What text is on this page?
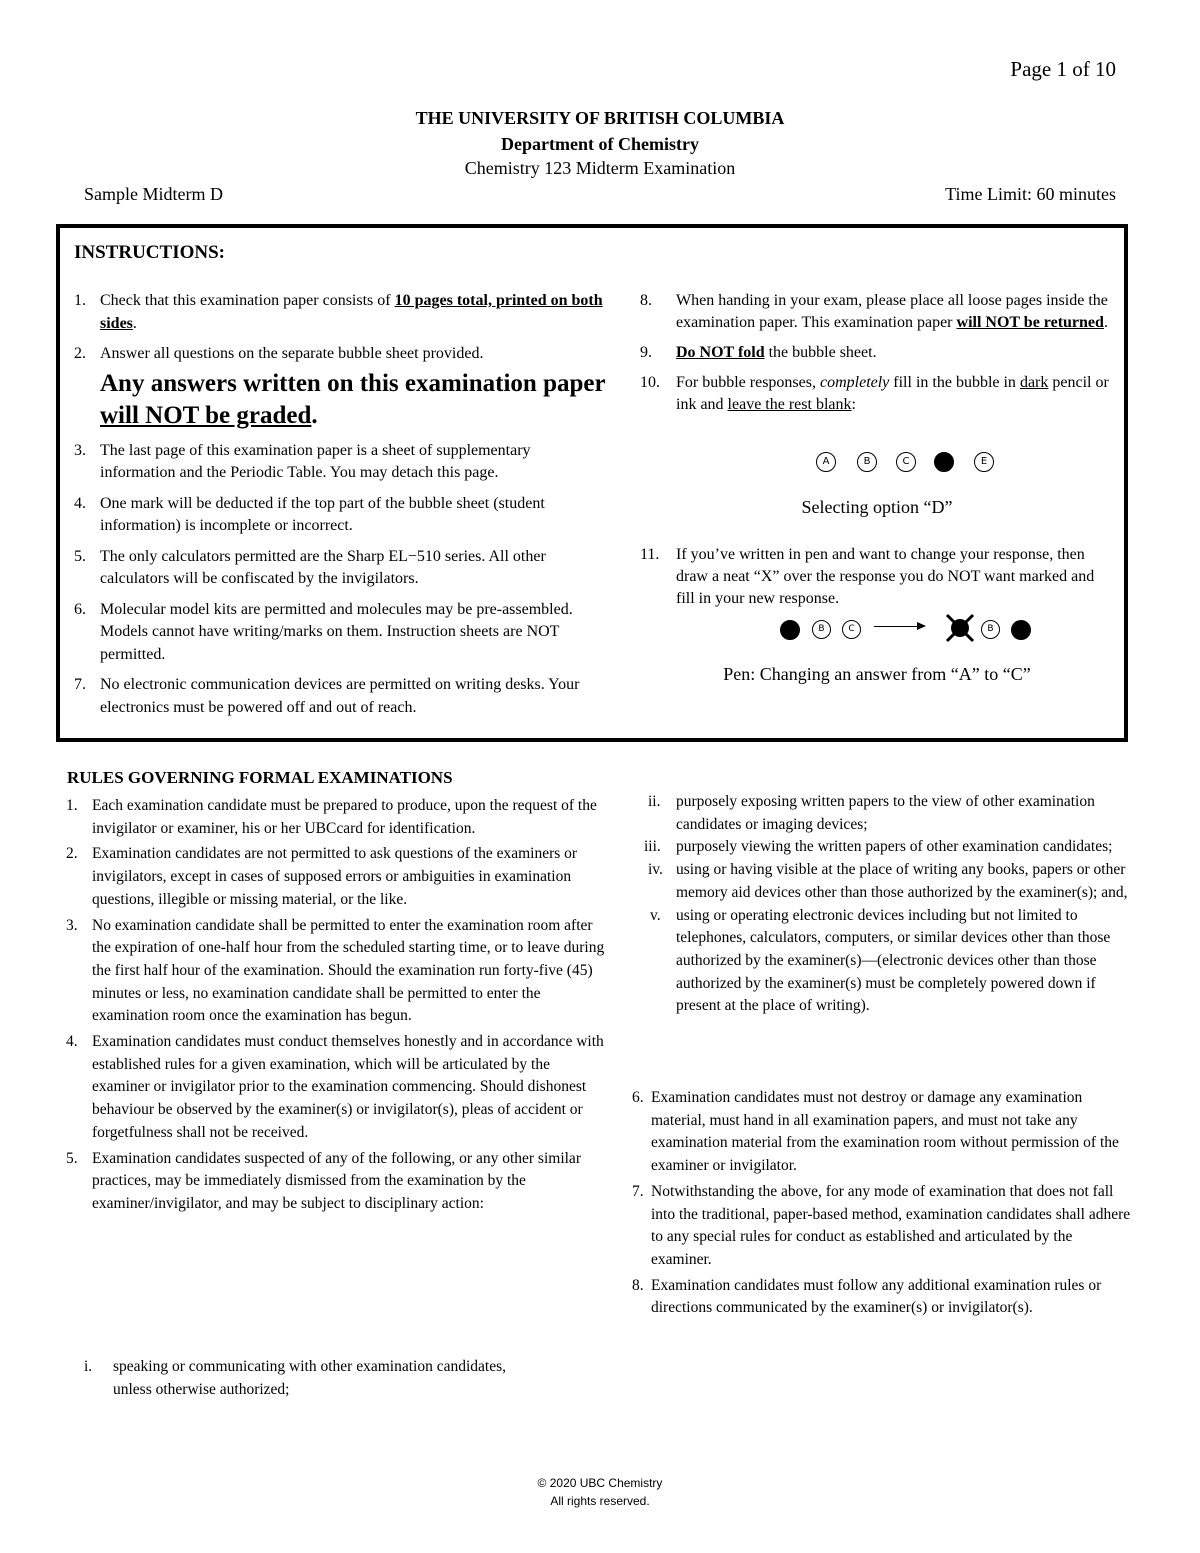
Page 1 of 10
THE UNIVERSITY OF BRITISH COLUMBIA
Department of Chemistry
Chemistry 123 Midterm Examination
Sample Midterm D	Time Limit: 60 minutes
INSTRUCTIONS:
1. Check that this examination paper consists of 10 pages total, printed on both sides.
2. Answer all questions on the separate bubble sheet provided.
Any answers written on this examination paper will NOT be graded.
3. The last page of this examination paper is a sheet of supplementary information and the Periodic Table. You may detach this page.
4. One mark will be deducted if the top part of the bubble sheet (student information) is incomplete or incorrect.
5. The only calculators permitted are the Sharp EL−510 series. All other calculators will be confiscated by the invigilators.
6. Molecular model kits are permitted and molecules may be pre-assembled. Models cannot have writing/marks on them. Instruction sheets are NOT permitted.
7. No electronic communication devices are permitted on writing desks. Your electronics must be powered off and out of reach.
8. When handing in your exam, please place all loose pages inside the examination paper. This examination paper will NOT be returned.
9. Do NOT fold the bubble sheet.
10. For bubble responses, completely fill in the bubble in dark pencil or ink and leave the rest blank:
11. If you’ve written in pen and want to change your response, then draw a neat “X” over the response you do NOT want marked and fill in your new response.
A	B	C	E
Selecting option “D”
B	C	B
Pen: Changing an answer from “A” to “C”
RULES GOVERNING FORMAL EXAMINATIONS
1. Each examination candidate must be prepared to produce, upon the request of the invigilator or examiner, his or her UBCcard for identification.
2. Examination candidates are not permitted to ask questions of the examiners or invigilators, except in cases of supposed errors or ambiguities in examination questions, illegible or missing material, or the like.
3. No examination candidate shall be permitted to enter the examination room after the expiration of one-half hour from the scheduled starting time, or to leave during the first half hour of the examination. Should the examination run forty-five (45) minutes or less, no examination candidate shall be permitted to enter the examination room once the examination has begun.
4. Examination candidates must conduct themselves honestly and in accordance with established rules for a given examination, which will be articulated by the examiner or invigilator prior to the examination commencing. Should dishonest behaviour be observed by the examiner(s) or invigilator(s), pleas of accident or forgetfulness shall not be received.
5. Examination candidates suspected of any of the following, or any other similar practices, may be immediately dismissed from the examination by the examiner/invigilator, and may be subject to disciplinary action:
i.	speaking or communicating with other examination candidates, unless otherwise authorized;
ii. purposely exposing written papers to the view of other examination candidates or imaging devices;
iii. purposely viewing the written papers of other examination candidates;
iv. using or having visible at the place of writing any books, papers or other memory aid devices other than those authorized by the examiner(s); and,
v. using or operating electronic devices including but not limited to telephones, calculators, computers, or similar devices other than those authorized by the examiner(s)—(electronic devices other than those authorized by the examiner(s) must be completely powered down if present at the place of writing).
6. Examination candidates must not destroy or damage any examination material, must hand in all examination papers, and must not take any examination material from the examination room without permission of the examiner or invigilator.
7. Notwithstanding the above, for any mode of examination that does not fall into the traditional, paper-based method, examination candidates shall adhere to any special rules for conduct as established and articulated by the examiner.
8. Examination candidates must follow any additional examination rules or directions communicated by the examiner(s) or invigilator(s).
© 2020 UBC Chemistry
All rights reserved.
